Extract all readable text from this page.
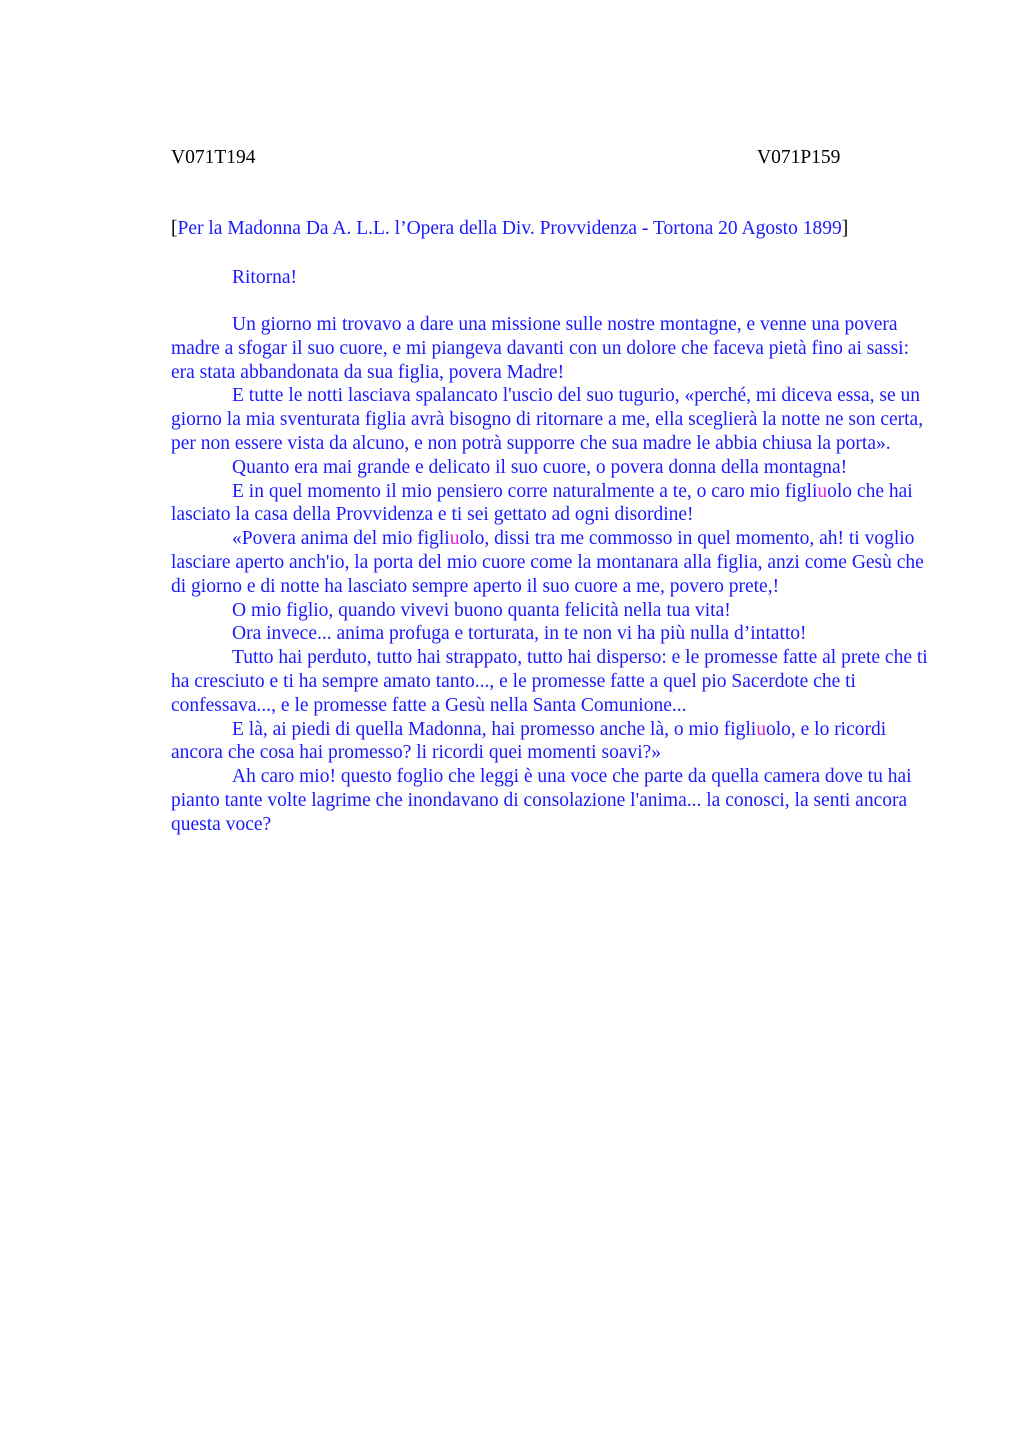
V071T194	V071P159
[Per la Madonna Da A. L.L. l’Opera della Div. Provvidenza - Tortona 20 Agosto 1899]
Ritorna!

Un giorno mi trovavo a dare una missione sulle nostre montagne, e venne una povera madre a sfogar il suo cuore, e mi piangeva davanti con un dolore che faceva pietà fino ai sassi: era stata abbandonata da sua figlia, povera Madre!

E tutte le notti lasciava spalancato l'uscio del suo tugurio, «perché, mi diceva essa, se un giorno la mia sventurata figlia avrà bisogno di ritornare a me, ella sceglierà la notte ne son certa, per non essere vista da alcuno, e non potrà supporre che sua madre le abbia chiusa la porta».

Quanto era mai grande e delicato il suo cuore, o povera donna della montagna!

E in quel momento il mio pensiero corre naturalmente a te, o caro mio figliuolo che hai lasciato la casa della Provvidenza e ti sei gettato ad ogni disordine!

«Povera anima del mio figliuolo, dissi tra me commosso in quel momento, ah! ti voglio lasciare aperto anch'io, la porta del mio cuore come la montanara alla figlia, anzi come Gesù che di giorno e di notte ha lasciato sempre aperto il suo cuore a me, povero prete,!

O mio figlio, quando vivevi buono quanta felicità nella tua vita!

Ora invece... anima profuga e torturata, in te non vi ha più nulla d’intatto!

Tutto hai perduto, tutto hai strappato, tutto hai disperso: e le promesse fatte al prete che ti ha cresciuto e ti ha sempre amato tanto..., e le promesse fatte a quel pio Sacerdote che ti confessava..., e le promesse fatte a Gesù nella Santa Comunione...

E là, ai piedi di quella Madonna, hai promesso anche là, o mio figliuolo, e lo ricordi ancora che cosa hai promesso? li ricordi quei momenti soavi?»

Ah caro mio! questo foglio che leggi è una voce che parte da quella camera dove tu hai pianto tante volte lagrime che inondavano di consolazione l'anima... la conosci, la senti ancora questa voce?
